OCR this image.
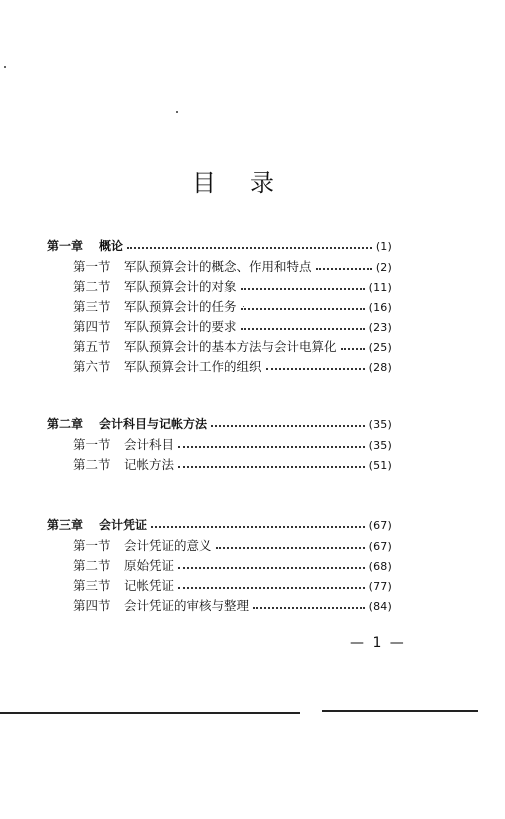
目 录
第一章	概论	(1)
第一节	军队预算会计的概念、作用和特点	(2)
第二节	军队预算会计的对象	(11)
第三节	军队预算会计的任务	(16)
第四节	军队预算会计的要求	(23)
第五节	军队预算会计的基本方法与会计电算化	(25)
第六节	军队预算会计工作的组织	(28)
第二章	会计科目与记帐方法	(35)
第一节	会计科目	(35)
第二节	记帐方法	(51)
第三章	会计凭证	(67)
第一节	会计凭证的意义	(67)
第二节	原始凭证	(68)
第三节	记帐凭证	(77)
第四节	会计凭证的审核与整理	(84)
— 1 —
